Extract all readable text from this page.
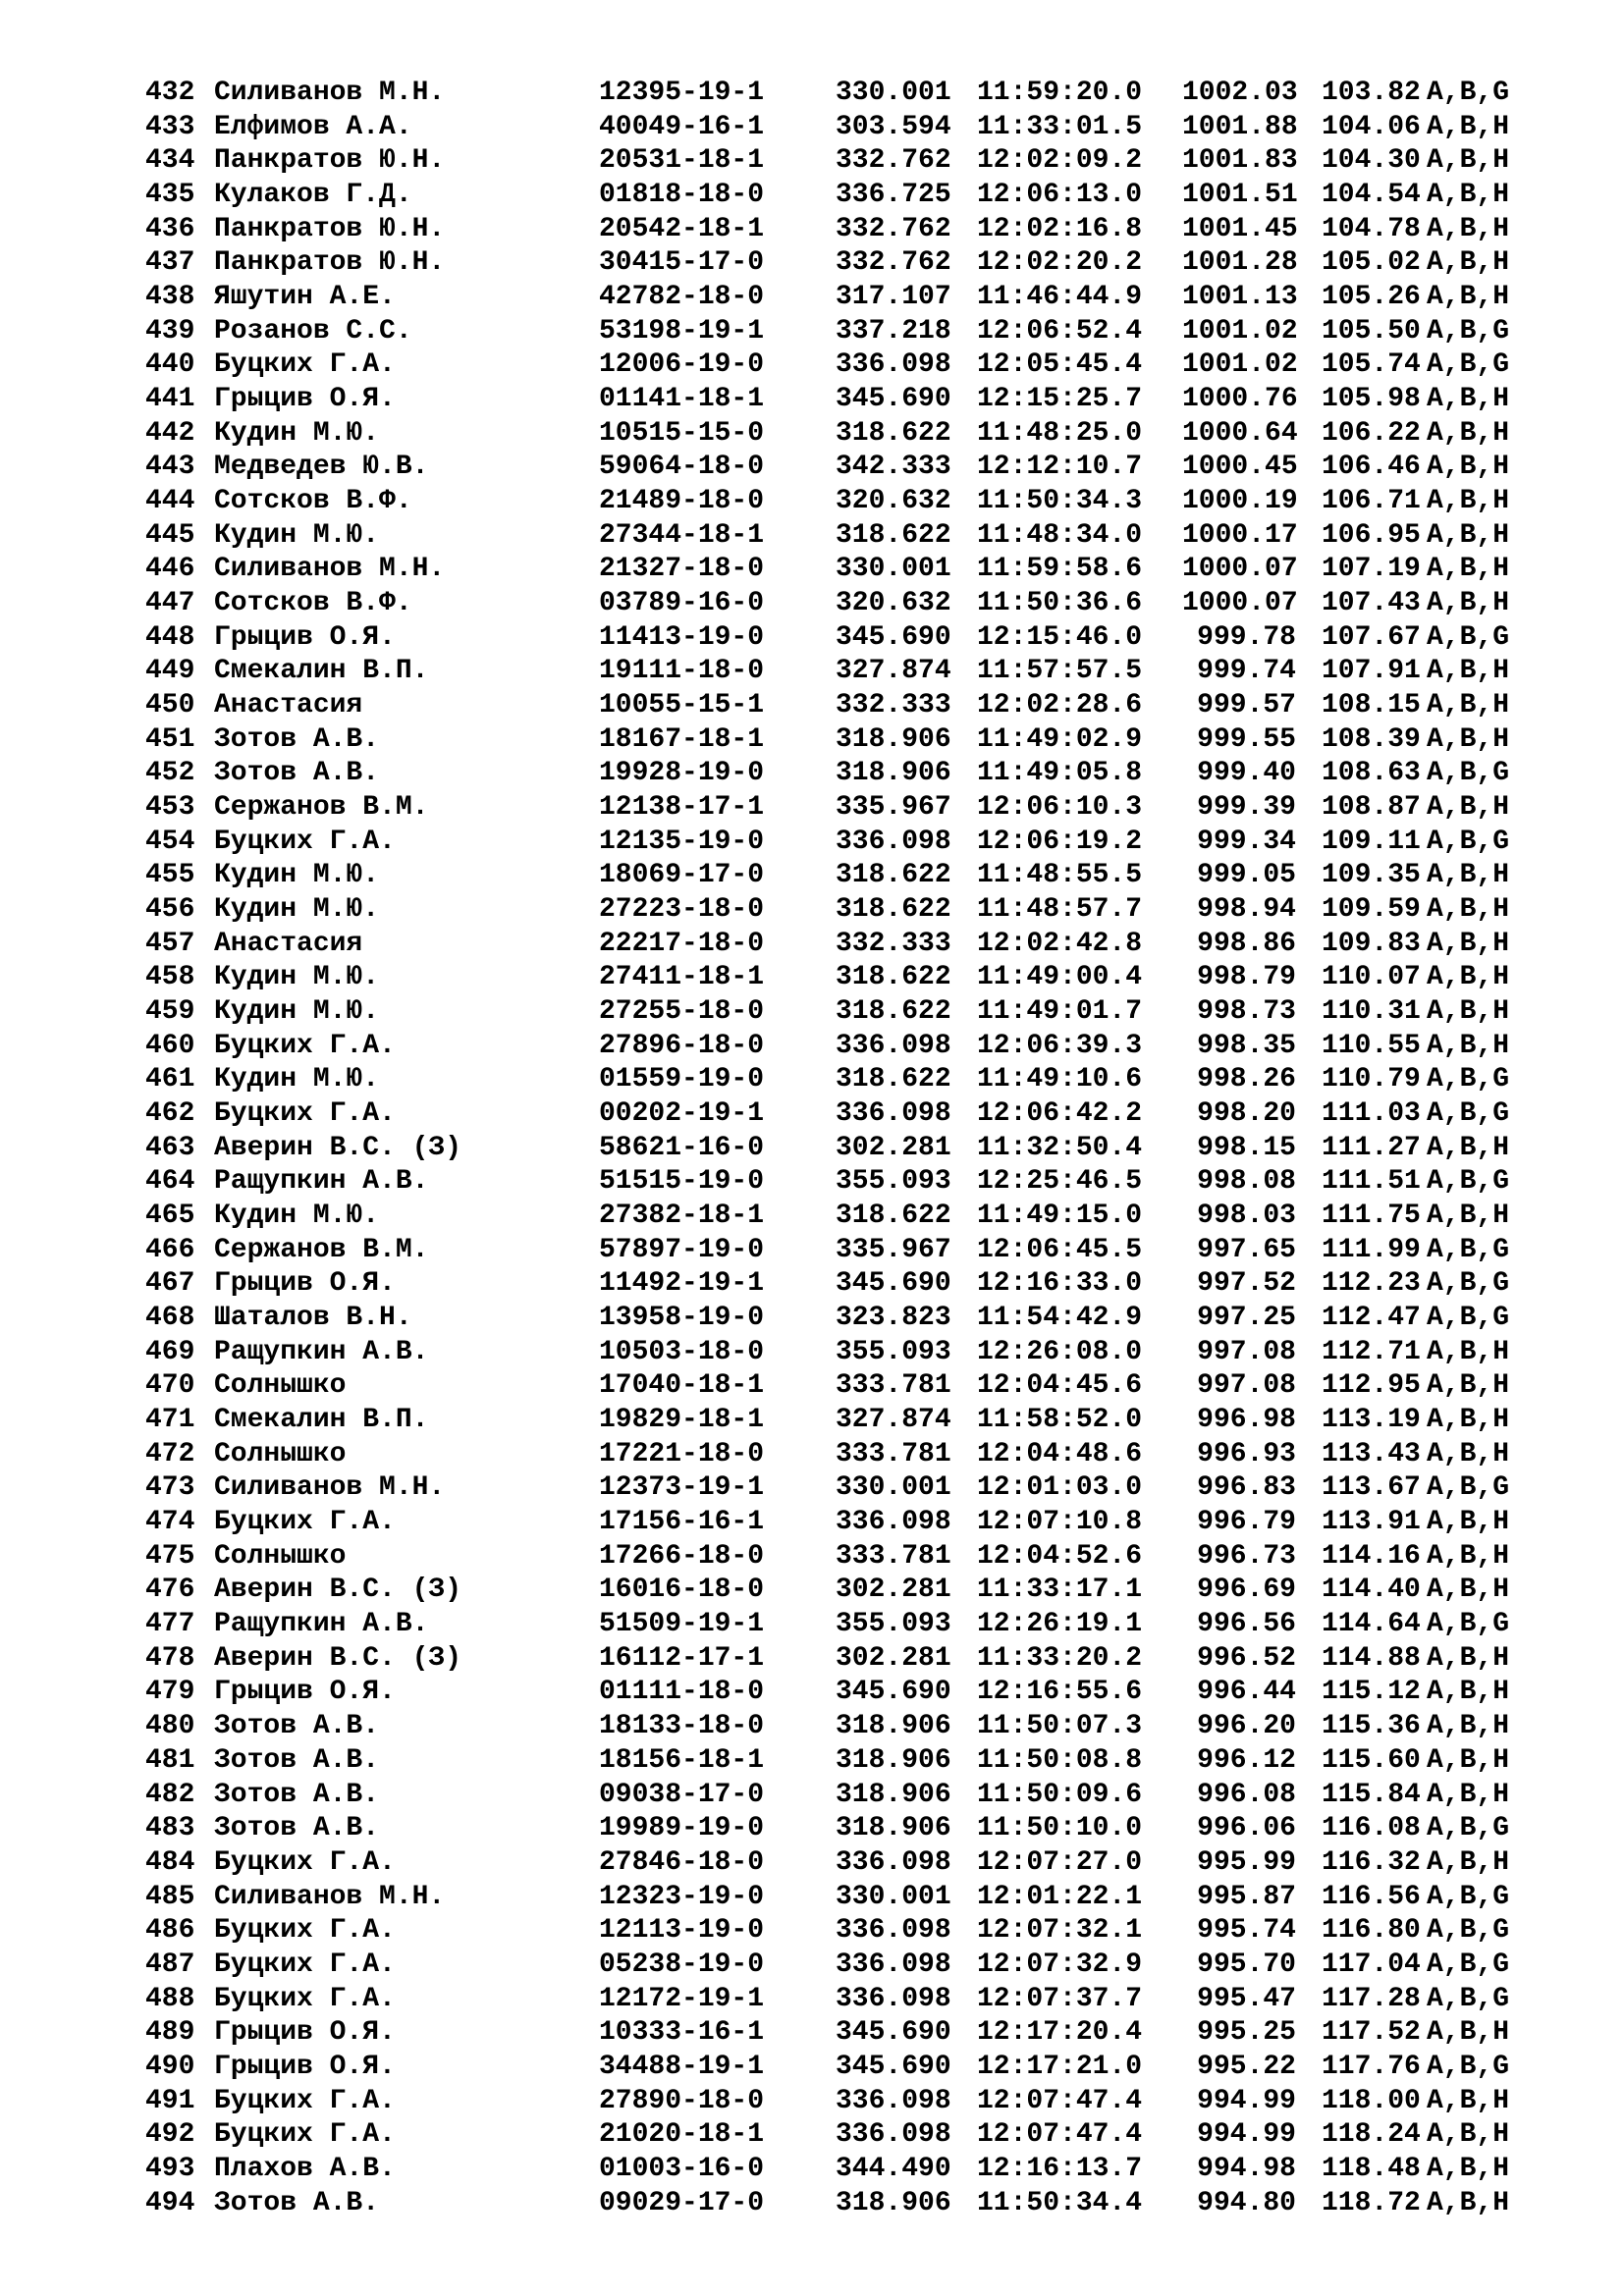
432 Силиванов М.Н.	12395-19-1	330.001 11:59:20.0 1002.03 103.82 A,B,G
433 Елфимов А.А.	40049-16-1	303.594 11:33:01.5 1001.88 104.06 A,B,H
434 Панкратов Ю.Н.	20531-18-1	332.762 12:02:09.2 1001.83 104.30 A,B,H
435 Кулаков Г.Д.	01818-18-0	336.725 12:06:13.0 1001.51 104.54 A,B,H
436 Панкратов Ю.Н.	20542-18-1	332.762 12:02:16.8 1001.45 104.78 A,B,H
437 Панкратов Ю.Н.	30415-17-0	332.762 12:02:20.2 1001.28 105.02 A,B,H
438 Яшутин А.Е.	42782-18-0	317.107 11:46:44.9 1001.13 105.26 A,B,H
439 Розанов С.С.	53198-19-1	337.218 12:06:52.4 1001.02 105.50 A,B,G
440 Буцких Г.А.	12006-19-0	336.098 12:05:45.4 1001.02 105.74 A,B,G
441 Грыцив О.Я.	01141-18-1	345.690 12:15:25.7 1000.76 105.98 A,B,H
442 Кудин М.Ю.	10515-15-0	318.622 11:48:25.0 1000.64 106.22 A,B,H
443 Медведев Ю.В.	59064-18-0	342.333 12:12:10.7 1000.45 106.46 A,B,H
444 Сотсков В.Ф.	21489-18-0	320.632 11:50:34.3 1000.19 106.71 A,B,H
445 Кудин М.Ю.	27344-18-1	318.622 11:48:34.0 1000.17 106.95 A,B,H
446 Силиванов М.Н.	21327-18-0	330.001 11:59:58.6 1000.07 107.19 A,B,H
447 Сотсков В.Ф.	03789-16-0	320.632 11:50:36.6 1000.07 107.43 A,B,H
448 Грыцив О.Я.	11413-19-0	345.690 12:15:46.0	999.78 107.67 A,B,G
449 Смекалин В.П.	19111-18-0	327.874 11:57:57.5	999.74 107.91 A,B,H
450 Анастасия	10055-15-1	332.333 12:02:28.6	999.57 108.15 A,B,H
451 Зотов А.В.	18167-18-1	318.906 11:49:02.9	999.55 108.39 A,B,H
452 Зотов А.В.	19928-19-0	318.906 11:49:05.8	999.40 108.63 A,B,G
453 Сержанов В.М.	12138-17-1	335.967 12:06:10.3	999.39 108.87 A,B,H
454 Буцких Г.А.	12135-19-0	336.098 12:06:19.2	999.34 109.11 A,B,G
455 Кудин М.Ю.	18069-17-0	318.622 11:48:55.5	999.05 109.35 A,B,H
456 Кудин М.Ю.	27223-18-0	318.622 11:48:57.7	998.94 109.59 A,B,H
457 Анастасия	22217-18-0	332.333 12:02:42.8	998.86 109.83 A,B,H
458 Кудин М.Ю.	27411-18-1	318.622 11:49:00.4	998.79 110.07 A,B,H
459 Кудин М.Ю.	27255-18-0	318.622 11:49:01.7	998.73 110.31 A,B,H
460 Буцких Г.А.	27896-18-0	336.098 12:06:39.3	998.35 110.55 A,B,H
461 Кудин М.Ю.	01559-19-0	318.622 11:49:10.6	998.26 110.79 A,B,G
462 Буцких Г.А.	00202-19-1	336.098 12:06:42.2	998.20 111.03 A,B,G
463 Аверин В.С. (З)	58621-16-0	302.281 11:32:50.4	998.15 111.27 A,B,H
464 Ращупкин А.В.	51515-19-0	355.093 12:25:46.5	998.08 111.51 A,B,G
465 Кудин М.Ю.	27382-18-1	318.622 11:49:15.0	998.03 111.75 A,B,H
466 Сержанов В.М.	57897-19-0	335.967 12:06:45.5	997.65 111.99 A,B,G
467 Грыцив О.Я.	11492-19-1	345.690 12:16:33.0	997.52 112.23 A,B,G
468 Шаталов В.Н.	13958-19-0	323.823 11:54:42.9	997.25 112.47 A,B,G
469 Ращупкин А.В.	10503-18-0	355.093 12:26:08.0	997.08 112.71 A,B,H
470 Солнышко	17040-18-1	333.781 12:04:45.6	997.08 112.95 A,B,H
471 Смекалин В.П.	19829-18-1	327.874 11:58:52.0	996.98 113.19 A,B,H
472 Солнышко	17221-18-0	333.781 12:04:48.6	996.93 113.43 A,B,H
473 Силиванов М.Н.	12373-19-1	330.001 12:01:03.0	996.83 113.67 A,B,G
474 Буцких Г.А.	17156-16-1	336.098 12:07:10.8	996.79 113.91 A,B,H
475 Солнышко	17266-18-0	333.781 12:04:52.6	996.73 114.16 A,B,H
476 Аверин В.С. (З)	16016-18-0	302.281 11:33:17.1	996.69 114.40 A,B,H
477 Ращупкин А.В.	51509-19-1	355.093 12:26:19.1	996.56 114.64 A,B,G
478 Аверин В.С. (З)	16112-17-1	302.281 11:33:20.2	996.52 114.88 A,B,H
479 Грыцив О.Я.	01111-18-0	345.690 12:16:55.6	996.44 115.12 A,B,H
480 Зотов А.В.	18133-18-0	318.906 11:50:07.3	996.20 115.36 A,B,H
481 Зотов А.В.	18156-18-1	318.906 11:50:08.8	996.12 115.60 A,B,H
482 Зотов А.В.	09038-17-0	318.906 11:50:09.6	996.08 115.84 A,B,H
483 Зотов А.В.	19989-19-0	318.906 11:50:10.0	996.06 116.08 A,B,G
484 Буцких Г.А.	27846-18-0	336.098 12:07:27.0	995.99 116.32 A,B,H
485 Силиванов М.Н.	12323-19-0	330.001 12:01:22.1	995.87 116.56 A,B,G
486 Буцких Г.А.	12113-19-0	336.098 12:07:32.1	995.74 116.80 A,B,G
487 Буцких Г.А.	05238-19-0	336.098 12:07:32.9	995.70 117.04 A,B,G
488 Буцких Г.А.	12172-19-1	336.098 12:07:37.7	995.47 117.28 A,B,G
489 Грыцив О.Я.	10333-16-1	345.690 12:17:20.4	995.25 117.52 A,B,H
490 Грыцив О.Я.	34488-19-1	345.690 12:17:21.0	995.22 117.76 A,B,G
491 Буцких Г.А.	27890-18-0	336.098 12:07:47.4	994.99 118.00 A,B,H
492 Буцких Г.А.	21020-18-1	336.098 12:07:47.4	994.99 118.24 A,B,H
493 Плахов А.В.	01003-16-0	344.490 12:16:13.7	994.98 118.48 A,B,H
494 Зотов А.В.	09029-17-0	318.906 11:50:34.4	994.80 118.72 A,B,H
